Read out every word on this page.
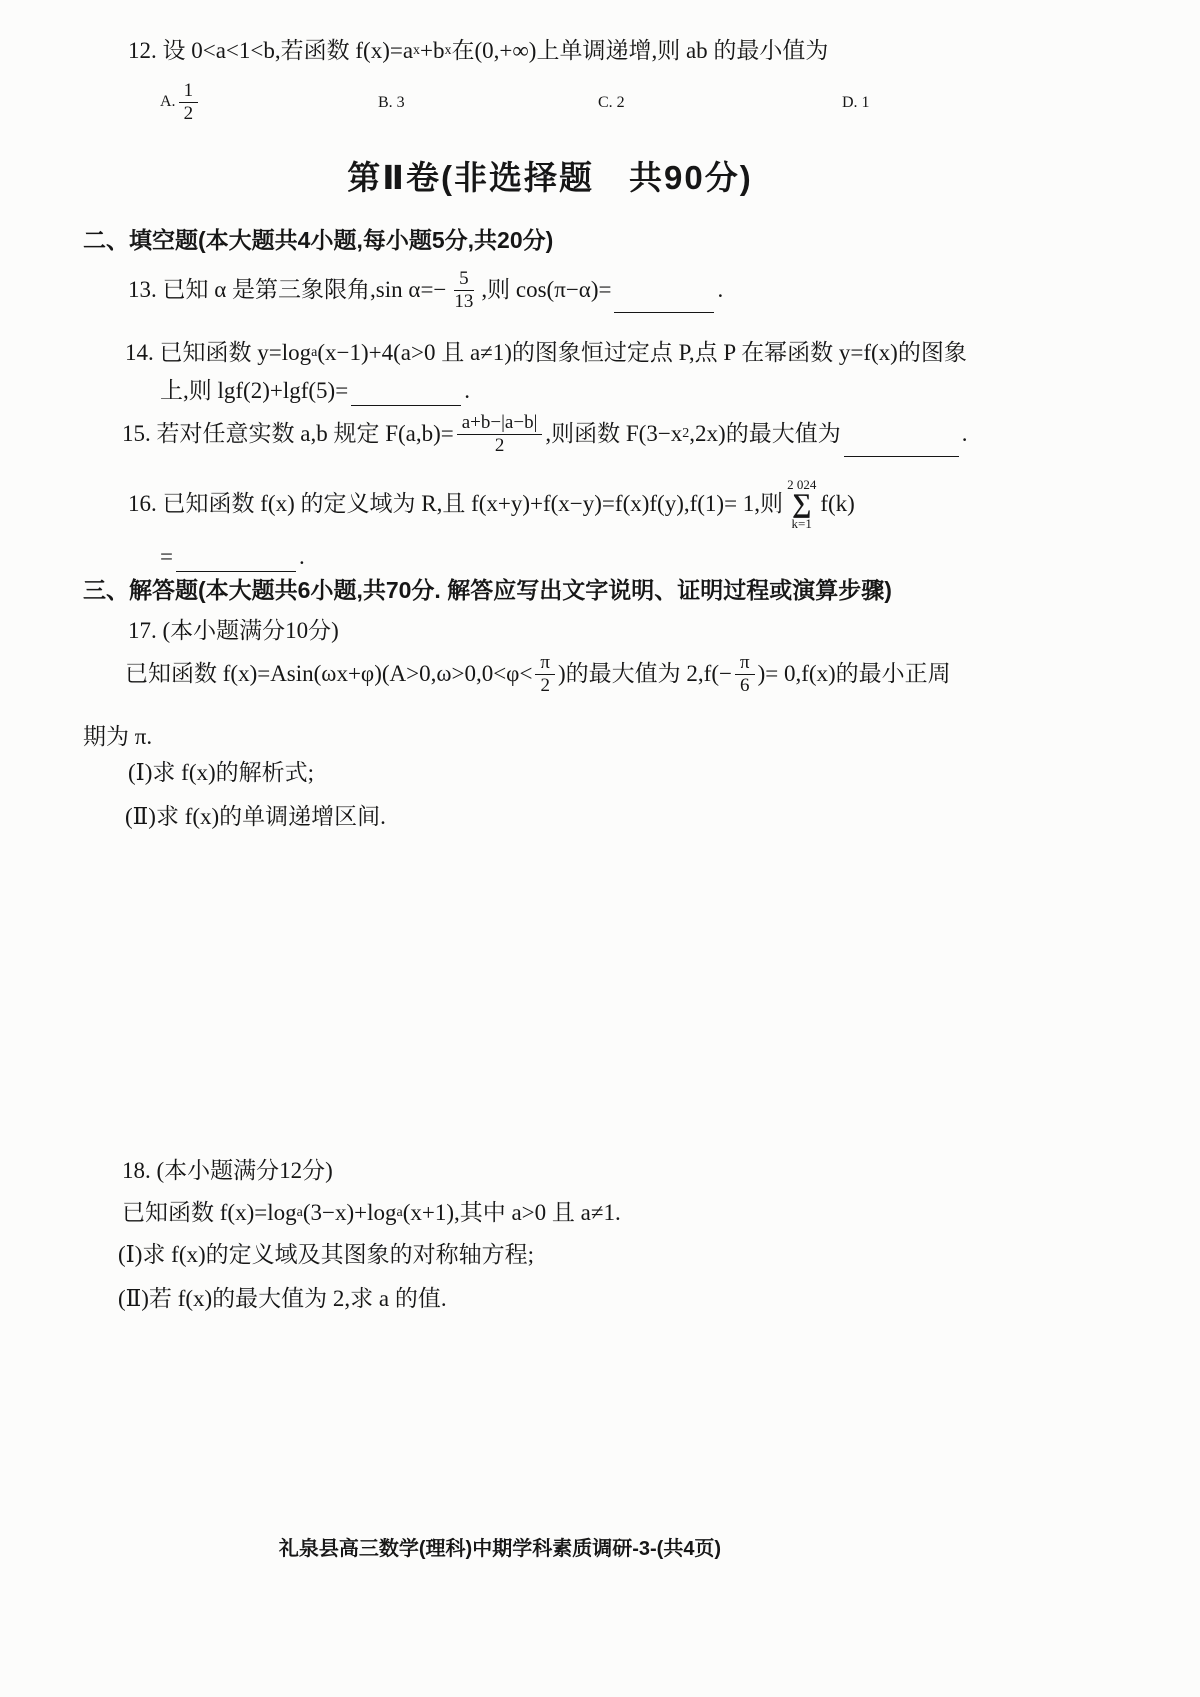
12. 设 0<a<1<b,若函数 f(x)=a x +b x 在(0,+∞)上单调递增,则 ab 的最小值为
A. $\frac{1}{2}$	B. 3	C. 2	D. 1
第Ⅱ卷(非选择题　共90分)
二、填空题(本大题共4小题,每小题5分,共20分)
13. 已知 α 是第三象限角,sin $\alpha=- \frac{5}{13}$ ,则 cos(π−α)=	.
14. 已知函数 y=log a (x−1)+4(a>0 且 a≠1)的图象恒过定点 P,点 P 在幂函数 y=f(x)的图象
上,则 lgf(2)+lgf(5)=	.
15. 若对任意实数 a,b 规定 $F(a,b)= \frac{a+b-|a-b|}{2}$ ,则函数 F(3−x 2 ,2x)的最大值为	.
16. 已知函数 f(x) 的定义域为 R,且 f(x+y)+f(x−y)=f(x)f(y),f(1)= 1,则
2 024
∑
k=1
f(k)
=	.
三、解答题(本大题共6小题,共70分. 解答应写出文字说明、证明过程或演算步骤)
17. (本小题满分10分)
已知函数 $f(x)=Asin(\omega x+\varphi)(A>0,\omega>0,0<\varphi< \frac{\pi}{2}$ )的最大值为 $2,f(- \frac{\pi}{6}$ )= 0,f(x)的最小正周
期为 π.
(Ⅰ)求 f(x)的解析式;
(Ⅱ)求 f(x)的单调递增区间.
18. (本小题满分12分)
已知函数 f(x)=log a (3−x)+log a (x+1),其中 a>0 且 a≠1.
(Ⅰ)求 f(x)的定义域及其图象的对称轴方程;
(Ⅱ)若 f(x)的最大值为 2,求 a 的值.
礼泉县高三数学(理科)中期学科素质调研-3-(共4页)
